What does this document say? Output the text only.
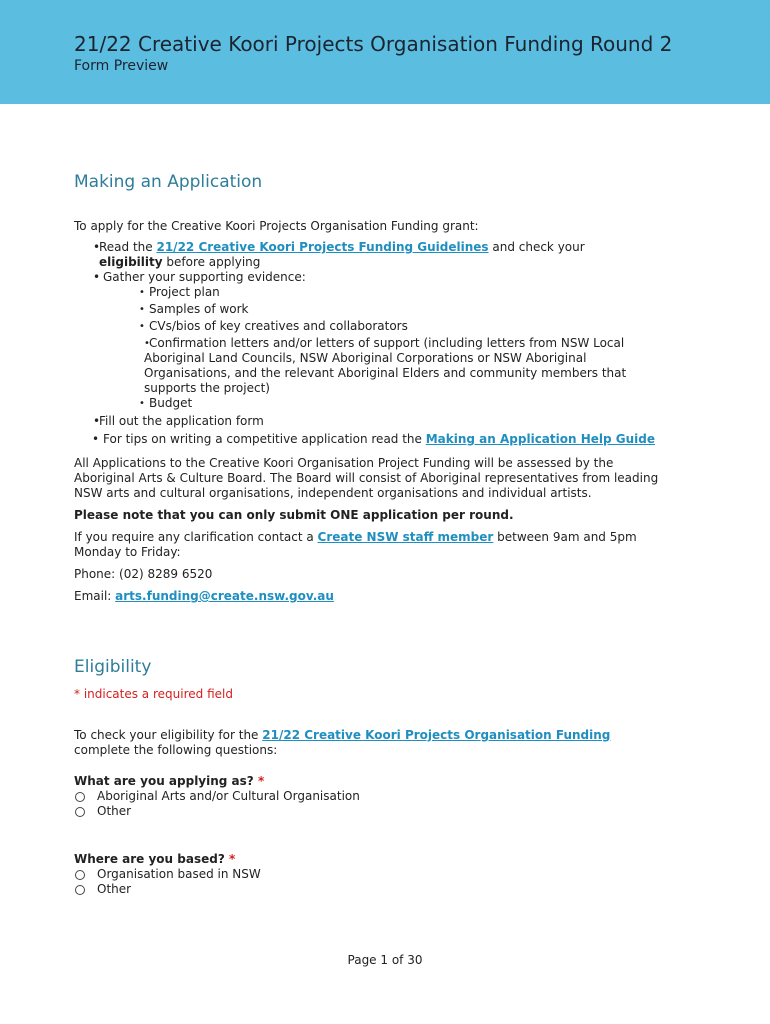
21/22 Creative Koori Projects Organisation Funding Round 2
Form Preview
Making an Application

To apply for the Creative Koori Projects Organisation Funding grant:

• Read the 21/22 Creative Koori Projects Funding Guidelines and check your
eligibility before applying
• Gather your supporting evidence:
• Project plan
• Samples of work
• CVs/bios of key creatives and collaborators
• Confirmation letters and/or letters of support (including letters from NSW Local Aboriginal Land Councils, NSW Aboriginal Corporations or NSW Aboriginal Organisations, and the relevant Aboriginal Elders and community members that supports the project)
• Budget
• Fill out the application form
• For tips on writing a competitive application read the Making an Application Help Guide

All Applications to the Creative Koori Organisation Project Funding will be assessed by the Aboriginal Arts & Culture Board. The Board will consist of Aboriginal representatives from leading NSW arts and cultural organisations, independent organisations and individual artists.

Please note that you can only submit ONE application per round.

If you require any clarification contact a Create NSW staff member between 9am and 5pm Monday to Friday:

Phone: (02) 8289 6520

Email: arts.funding@create.nsw.gov.au

Eligibility

* indicates a required field

To check your eligibility for the 21/22 Creative Koori Projects Organisation Funding
complete the following questions:

What are you applying as? *
Aboriginal Arts and/or Cultural Organisation
Other
Where are you based? *
Organisation based in NSW
Other
Page 1 of 30
